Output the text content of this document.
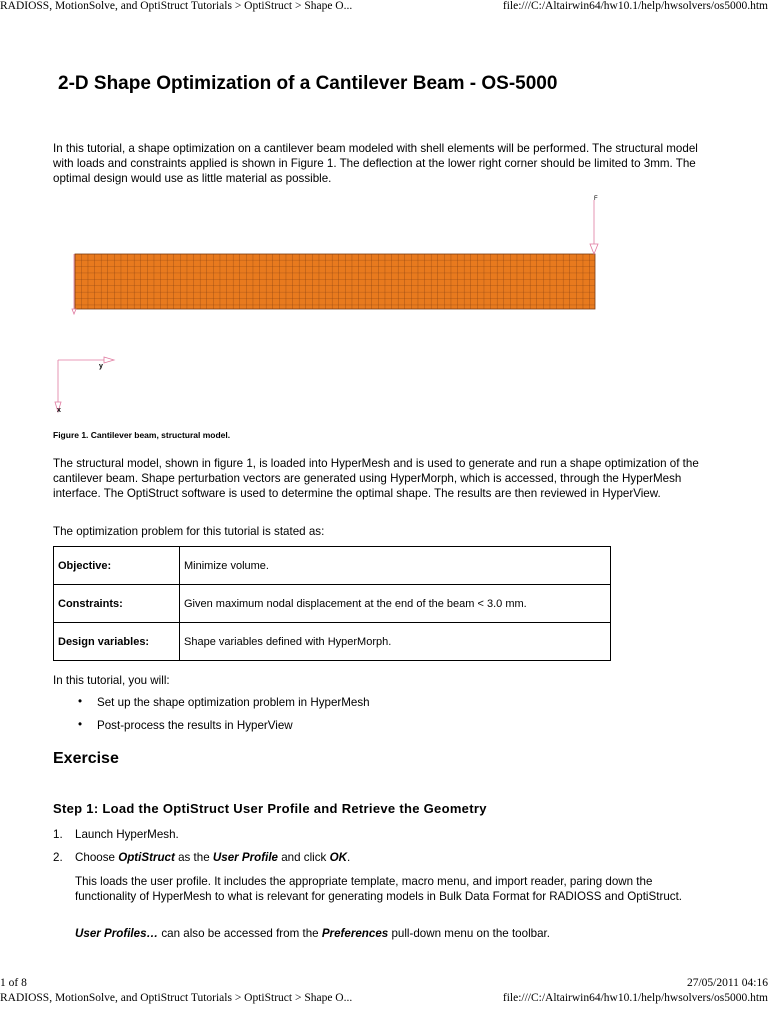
RADIOSS, MotionSolve, and OptiStruct Tutorials > OptiStruct > Shape O...	file:///C:/Altairwin64/hw10.1/help/hwsolvers/os5000.htm
2-D Shape Optimization of a Cantilever Beam - OS-5000

In this tutorial, a shape optimization on a cantilever beam modeled with shell elements will be performed. The structural model with loads and constraints applied is shown in Figure 1. The deflection at the lower right corner should be limited to 3mm. The optimal design would use as little material as possible.

F
y
x
Figure 1. Cantilever beam, structural model.

The structural model, shown in figure 1, is loaded into HyperMesh and is used to generate and run a shape optimization of the cantilever beam. Shape perturbation vectors are generated using HyperMorph, which is accessed, through the HyperMesh interface. The OptiStruct software is used to determine the optimal shape. The results are then reviewed in HyperView.

The optimization problem for this tutorial is stated as:

Objective:	Minimize volume.
Constraints:	Given maximum nodal displacement at the end of the beam < 3.0 mm.
Design variables:	Shape variables defined with HyperMorph.

In this tutorial, you will:

• Set up the shape optimization problem in HyperMesh
• Post-process the results in HyperView
Exercise
Step 1: Load the OptiStruct User Profile and Retrieve the Geometry
1. Launch HyperMesh.
2. Choose OptiStruct as the User Profile and click OK.

This loads the user profile. It includes the appropriate template, macro menu, and import reader, paring down the functionality of HyperMesh to what is relevant for generating models in Bulk Data Format for RADIOSS and OptiStruct.

User Profiles… can also be accessed from the Preferences pull-down menu on the toolbar.

1 of 8	27/05/2011 04:16
RADIOSS, MotionSolve, and OptiStruct Tutorials > OptiStruct > Shape O...	file:///C:/Altairwin64/hw10.1/help/hwsolvers/os5000.htm
